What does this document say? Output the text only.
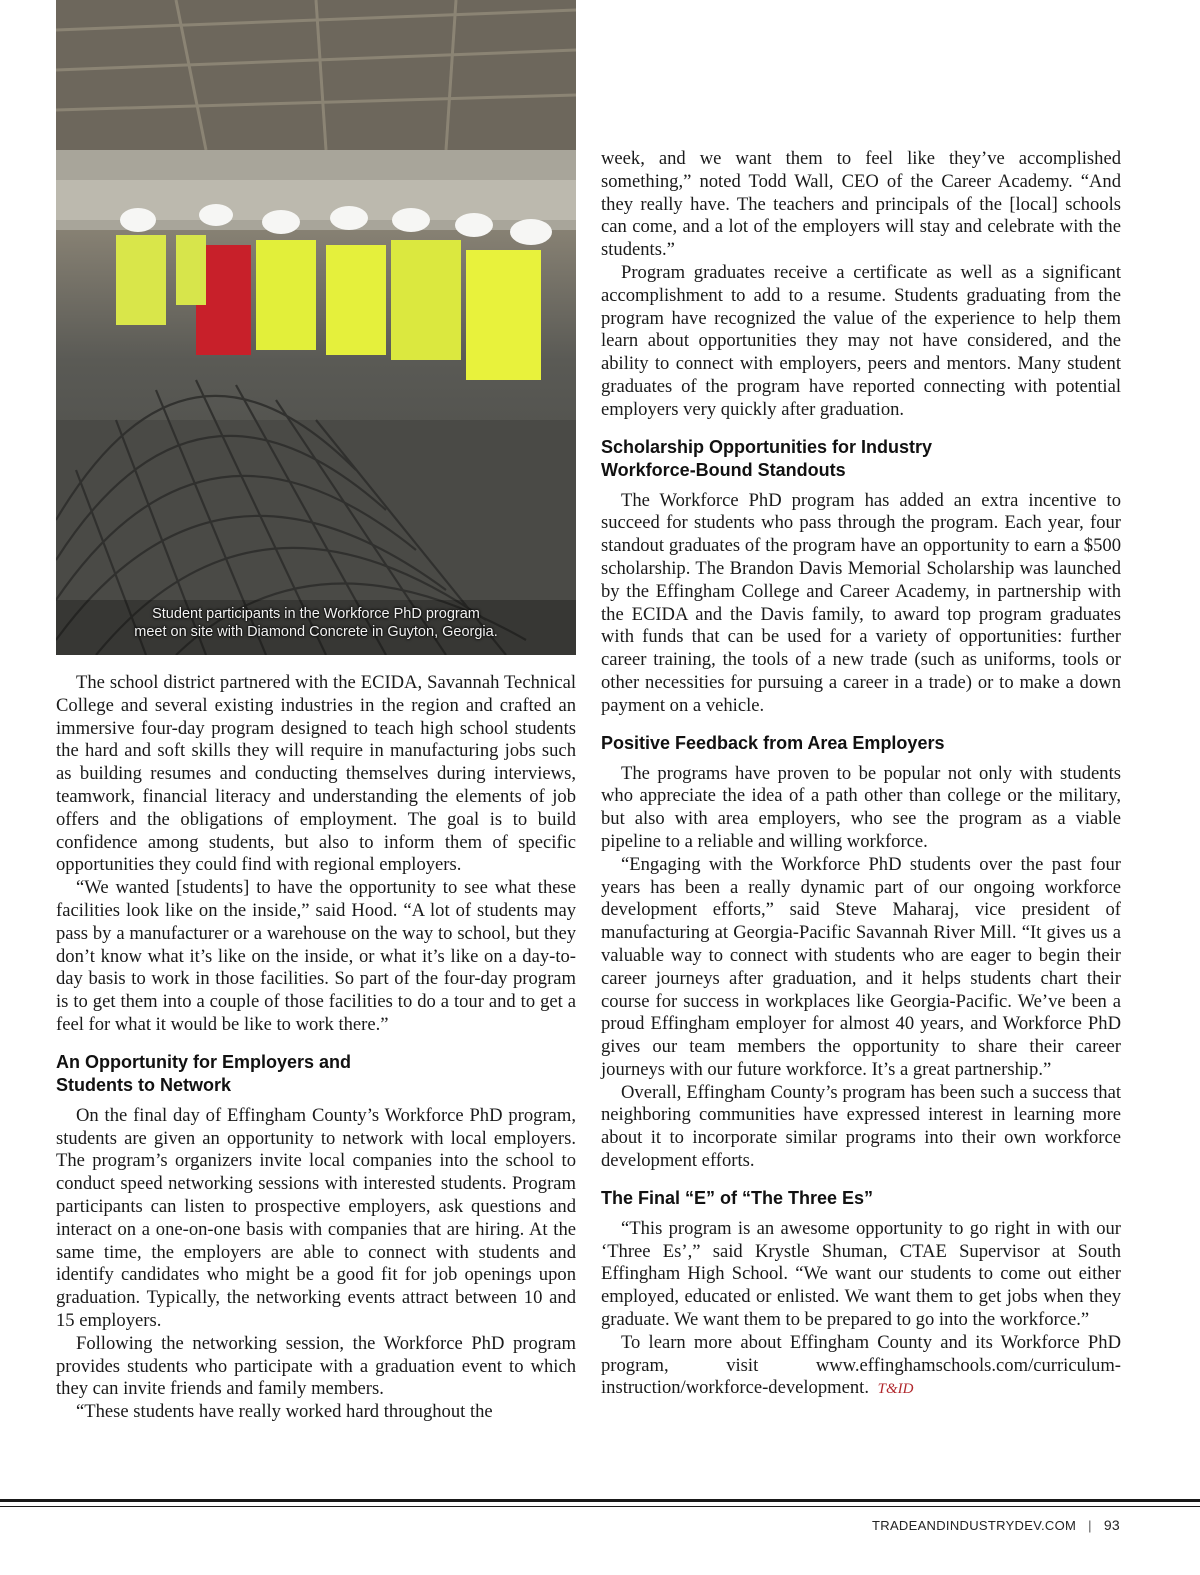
Student participants in the Workforce PhD program
meet on site with Diamond Concrete in Guyton, Georgia.

The school district partnered with the ECIDA, Savannah Technical College and several existing industries in the region and crafted an immersive four-day program designed to teach high school students the hard and soft skills they will require in manufacturing jobs such as building resumes and conducting themselves during interviews, teamwork, financial literacy and understanding the elements of job offers and the obligations of employment. The goal is to build confidence among students, but also to inform them of specific opportunities they could find with regional employers.

“We wanted [students] to have the opportunity to see what these facilities look like on the inside,” said Hood. “A lot of students may pass by a manufacturer or a warehouse on the way to school, but they don’t know what it’s like on the inside, or what it’s like on a day-to-day basis to work in those facilities. So part of the four-day program is to get them into a couple of those facilities to do a tour and to get a feel for what it would be like to work there.”

An Opportunity for Employers and
Students to Network

On the final day of Effingham County’s Workforce PhD program, students are given an opportunity to network with local employers. The program’s organizers invite local companies into the school to conduct speed networking sessions with interested students. Program participants can listen to prospective employers, ask questions and interact on a one-on-one basis with companies that are hiring. At the same time, the employers are able to connect with students and identify candidates who might be a good fit for job openings upon graduation. Typically, the networking events attract between 10 and 15 employers.

Following the networking session, the Workforce PhD program provides students who participate with a graduation event to which they can invite friends and family members.

“These students have really worked hard throughout the

week, and we want them to feel like they’ve accomplished something,” noted Todd Wall, CEO of the Career Academy. “And they really have. The teachers and principals of the [local] schools can come, and a lot of the employers will stay and celebrate with the students.”

Program graduates receive a certificate as well as a significant accomplishment to add to a resume. Students graduating from the program have recognized the value of the experience to help them learn about opportunities they may not have considered, and the ability to connect with employers, peers and mentors. Many student graduates of the program have reported connecting with potential employers very quickly after graduation.

Scholarship Opportunities for Industry
Workforce-Bound Standouts

The Workforce PhD program has added an extra incentive to succeed for students who pass through the program. Each year, four standout graduates of the program have an opportunity to earn a $500 scholarship. The Brandon Davis Memorial Scholarship was launched by the Effingham College and Career Academy, in partnership with the ECIDA and the Davis family, to award top program graduates with funds that can be used for a variety of opportunities: further career training, the tools of a new trade (such as uniforms, tools or other necessities for pursuing a career in a trade) or to make a down payment on a vehicle.

Positive Feedback from Area Employers

The programs have proven to be popular not only with students who appreciate the idea of a path other than college or the military, but also with area employers, who see the program as a viable pipeline to a reliable and willing workforce.

“Engaging with the Workforce PhD students over the past four years has been a really dynamic part of our ongoing workforce development efforts,” said Steve Maharaj, vice president of manufacturing at Georgia-Pacific Savannah River Mill. “It gives us a valuable way to connect with students who are eager to begin their career journeys after graduation, and it helps students chart their course for success in workplaces like Georgia-Pacific. We’ve been a proud Effingham employer for almost 40 years, and Workforce PhD gives our team members the opportunity to share their career journeys with our future workforce. It’s a great partnership.”

Overall, Effingham County’s program has been such a success that neighboring communities have expressed interest in learning more about it to incorporate similar programs into their own workforce development efforts.

The Final “E” of “The Three Es”

“This program is an awesome opportunity to go right in with our ‘Three Es’,” said Krystle Shuman, CTAE Supervisor at South Effingham High School. “We want our students to come out either employed, educated or enlisted. We want them to get jobs when they graduate. We want them to be prepared to go into the workforce.”

To learn more about Effingham County and its Workforce PhD program, visit www.effinghamschools.com/curriculum-instruction/workforce-development. T&ID

TRADEANDINDUSTRYDEV.COM | 93
